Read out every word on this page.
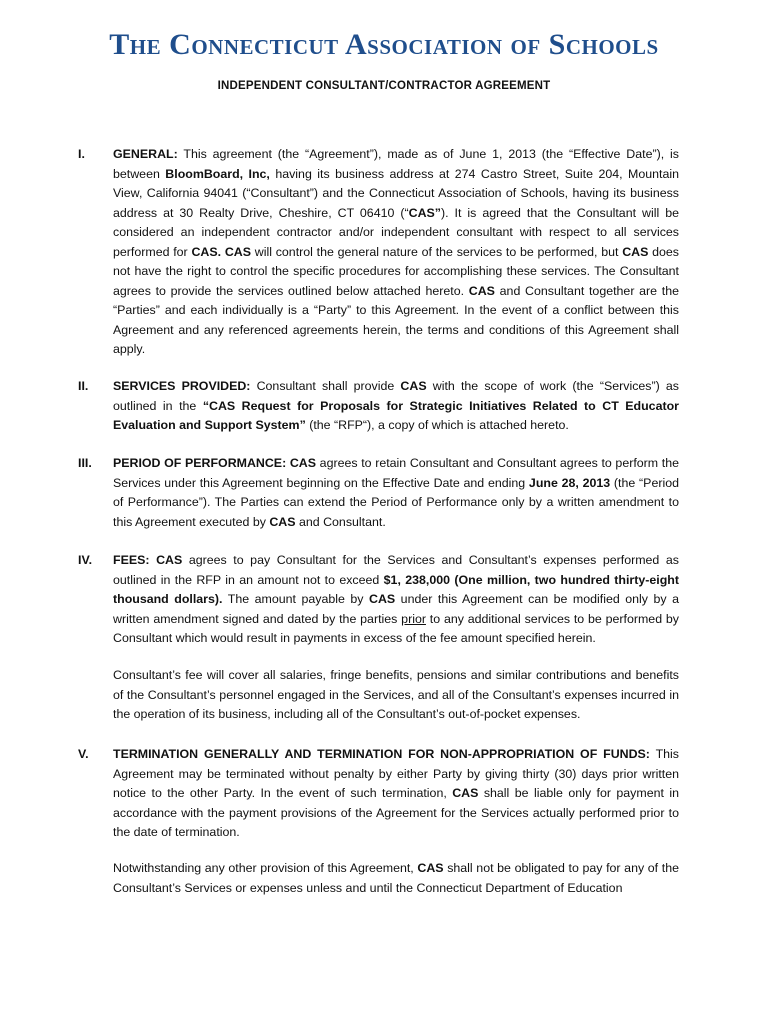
The Connecticut Association of Schools
INDEPENDENT CONSULTANT/CONTRACTOR AGREEMENT
I. GENERAL: This agreement (the “Agreement”), made as of June 1, 2013 (the “Effective Date”), is between BloomBoard, Inc, having its business address at 274 Castro Street, Suite 204, Mountain View, California 94041 (“Consultant”) and the Connecticut Association of Schools, having its business address at 30 Realty Drive, Cheshire, CT 06410 (“CAS”). It is agreed that the Consultant will be considered an independent contractor and/or independent consultant with respect to all services performed for CAS. CAS will control the general nature of the services to be performed, but CAS does not have the right to control the specific procedures for accomplishing these services. The Consultant agrees to provide the services outlined below attached hereto. CAS and Consultant together are the “Parties” and each individually is a “Party” to this Agreement. In the event of a conflict between this Agreement and any referenced agreements herein, the terms and conditions of this Agreement shall apply.

II. SERVICES PROVIDED: Consultant shall provide CAS with the scope of work (the “Services”) as outlined in the “CAS Request for Proposals for Strategic Initiatives Related to CT Educator Evaluation and Support System” (the “RFP“), a copy of which is attached hereto.

III. PERIOD OF PERFORMANCE: CAS agrees to retain Consultant and Consultant agrees to perform the Services under this Agreement beginning on the Effective Date and ending June 28, 2013 (the “Period of Performance”). The Parties can extend the Period of Performance only by a written amendment to this Agreement executed by CAS and Consultant.

IV. FEES: CAS agrees to pay Consultant for the Services and Consultant’s expenses performed as outlined in the RFP in an amount not to exceed $1, 238,000 (One million, two hundred thirty-eight thousand dollars). The amount payable by CAS under this Agreement can be modified only by a written amendment signed and dated by the parties prior to any additional services to be performed by Consultant which would result in payments in excess of the fee amount specified herein.

Consultant’s fee will cover all salaries, fringe benefits, pensions and similar contributions and benefits of the Consultant’s personnel engaged in the Services, and all of the Consultant’s expenses incurred in the operation of its business, including all of the Consultant’s out-of-pocket expenses.
V. TERMINATION GENERALLY AND TERMINATION FOR NON-APPROPRIATION OF FUNDS: This Agreement may be terminated without penalty by either Party by giving thirty (30) days prior written notice to the other Party. In the event of such termination, CAS shall be liable only for payment in accordance with the payment provisions of the Agreement for the Services actually performed prior to the date of termination.

Notwithstanding any other provision of this Agreement, CAS shall not be obligated to pay for any of the Consultant’s Services or expenses unless and until the Connecticut Department of Education
